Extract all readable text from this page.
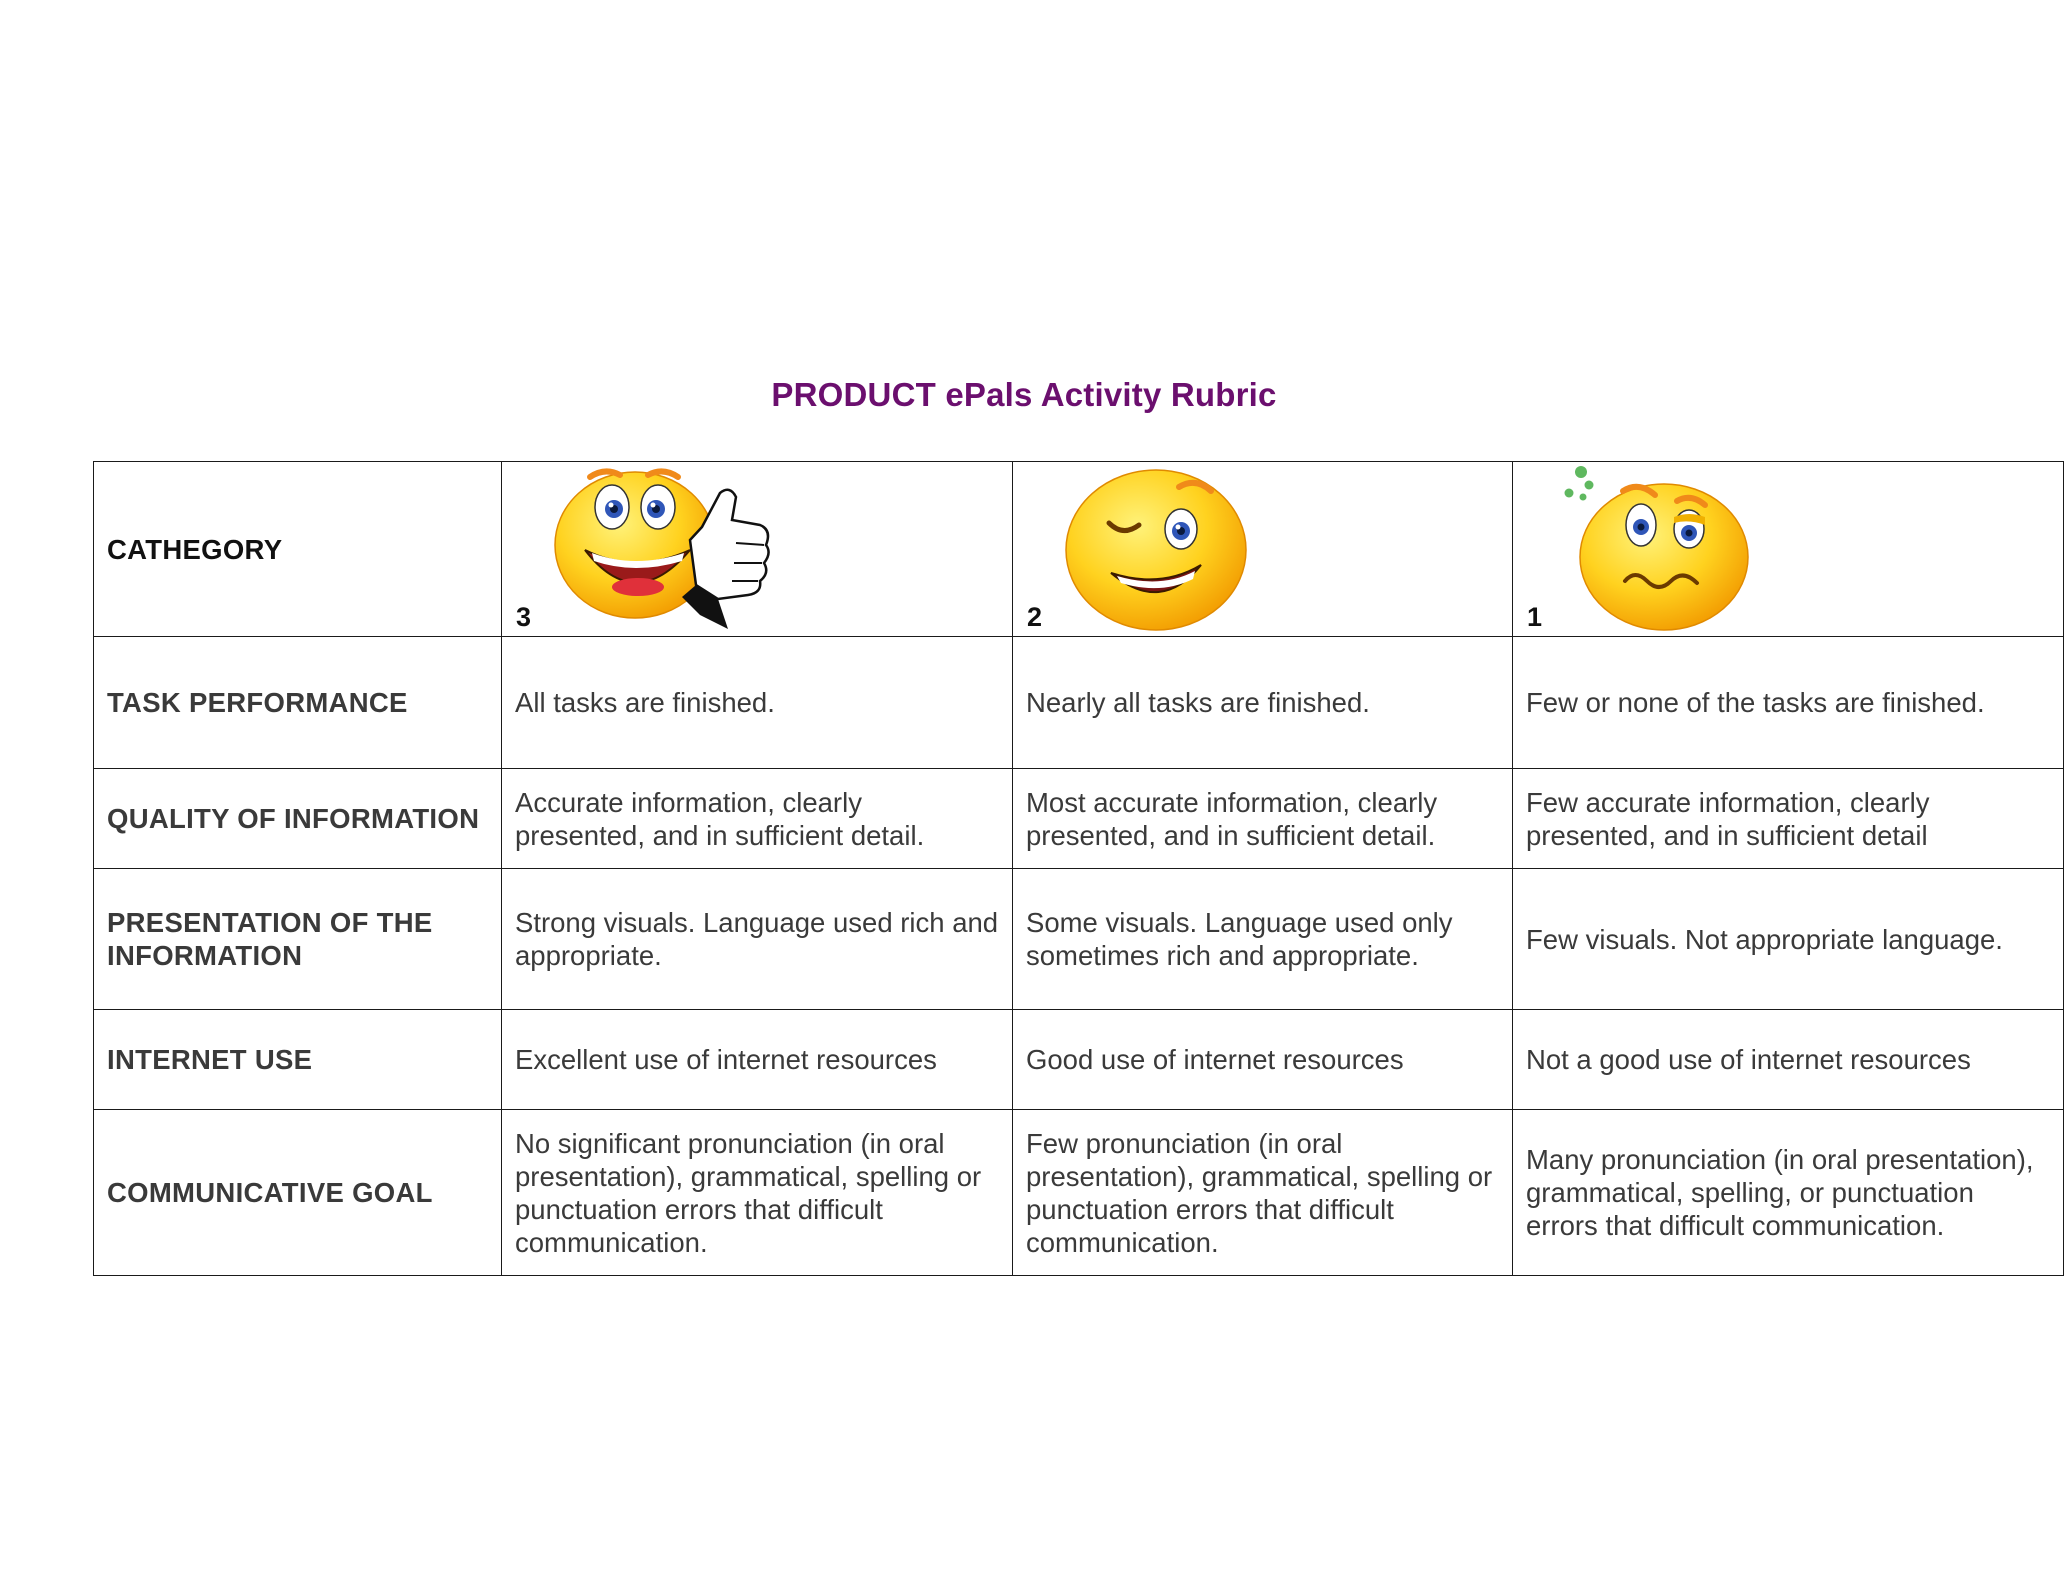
PRODUCT ePals Activity Rubric
CATHEGORY	3	2	1

TASK PERFORMANCE	All tasks are finished.	Nearly all tasks are finished.	Few or none of the tasks are finished.
QUALITY OF INFORMATION	Accurate information, clearly presented, and in sufficient detail.	Most accurate information, clearly presented, and in sufficient detail.	Few accurate information, clearly presented, and in sufficient detail
PRESENTATION OF THE INFORMATION	Strong visuals. Language used rich and appropriate.	Some visuals. Language used only sometimes rich and appropriate.	Few visuals. Not appropriate language.
INTERNET USE	Excellent use of internet resources	Good use of internet resources	Not a good use of internet resources
COMMUNICATIVE GOAL	No significant pronunciation (in oral presentation), grammatical, spelling or punctuation errors that difficult communication.	Few pronunciation (in oral presentation), grammatical, spelling or punctuation errors that difficult communication.	Many pronunciation (in oral presentation), grammatical, spelling, or punctuation errors that difficult communication.
